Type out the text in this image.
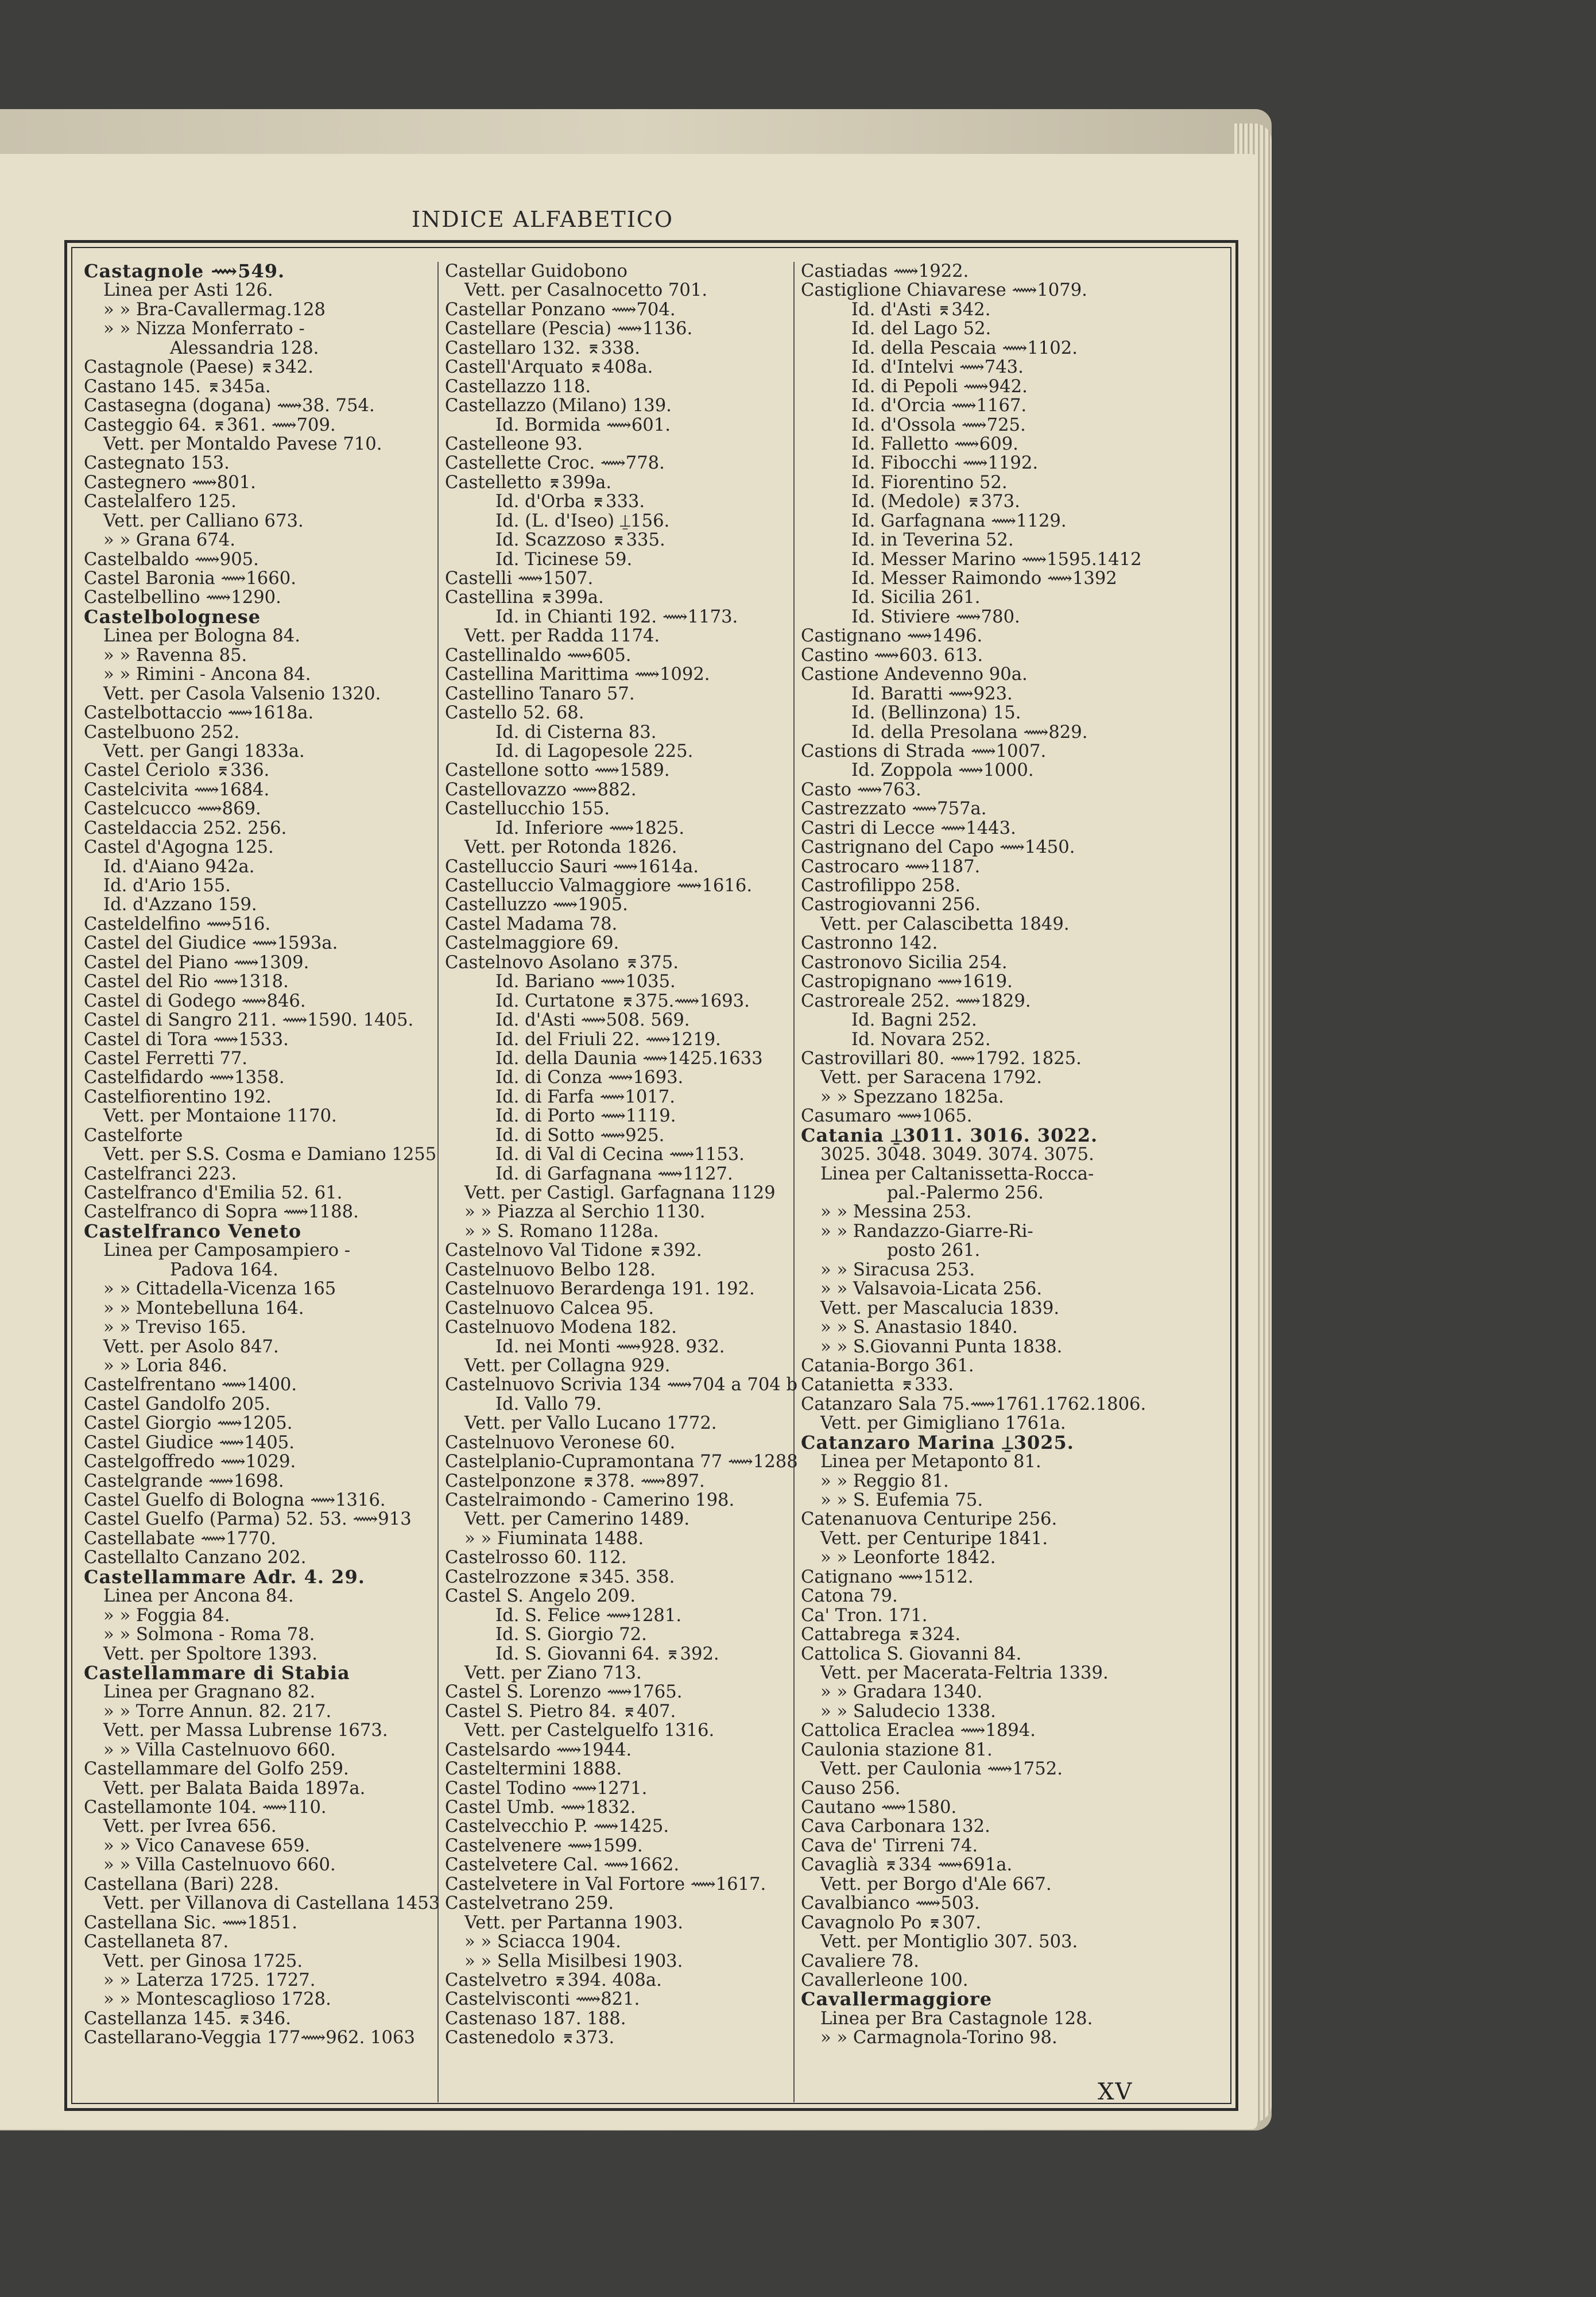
INDICE ALFABETICO
Castagnole ⟿549.
Linea per Asti 126.
» » Bra-Cavallermag.128
» » Nizza Monferrato -
Alessandria 128.
Castagnole (Paese) ⌆342.
Castano 145. ⌆345a.
Castasegna (dogana) ⟿38. 754.
Casteggio 64. ⌆361. ⟿709.
Vett. per Montaldo Pavese 710.
Castegnato 153.
Castegnero ⟿801.
Castelalfero 125.
Vett. per Calliano 673.
» » Grana 674.
Castelbaldo ⟿905.
Castel Baronia ⟿1660.
Castelbellino ⟿1290.
Castelbolognese
Linea per Bologna 84.
» » Ravenna 85.
» » Rimini - Ancona 84.
Vett. per Casola Valsenio 1320.
Castelbottaccio ⟿1618a.
Castelbuono 252.
Vett. per Gangi 1833a.
Castel Ceriolo ⌆336.
Castelcivita ⟿1684.
Castelcucco ⟿869.
Casteldaccia 252. 256.
Castel d'Agogna 125.
Id. d'Aiano 942a.
Id. d'Ario 155.
Id. d'Azzano 159.
Casteldelfino ⟿516.
Castel del Giudice ⟿1593a.
Castel del Piano ⟿1309.
Castel del Rio ⟿1318.
Castel di Godego ⟿846.
Castel di Sangro 211. ⟿1590. 1405.
Castel di Tora ⟿1533.
Castel Ferretti 77.
Castelfidardo ⟿1358.
Castelfiorentino 192.
Vett. per Montaione 1170.
Castelforte
Vett. per S.S. Cosma e Damiano 1255
Castelfranci 223.
Castelfranco d'Emilia 52. 61.
Castelfranco di Sopra ⟿1188.
Castelfranco Veneto
Linea per Camposampiero -
Padova 164.
» » Cittadella-Vicenza 165
» » Montebelluna 164.
» » Treviso 165.
Vett. per Asolo 847.
» » Loria 846.
Castelfrentano ⟿1400.
Castel Gandolfo 205.
Castel Giorgio ⟿1205.
Castel Giudice ⟿1405.
Castelgoffredo ⟿1029.
Castelgrande ⟿1698.
Castel Guelfo di Bologna ⟿1316.
Castel Guelfo (Parma) 52. 53. ⟿913
Castellabate ⟿1770.
Castellalto Canzano 202.
Castellammare Adr. 4. 29.
Linea per Ancona 84.
» » Foggia 84.
» » Solmona - Roma 78.
Vett. per Spoltore 1393.
Castellammare di Stabia
Linea per Gragnano 82.
» » Torre Annun. 82. 217.
Vett. per Massa Lubrense 1673.
» » Villa Castelnuovo 660.
Castellammare del Golfo 259.
Vett. per Balata Baida 1897a.
Castellamonte 104. ⟿110.
Vett. per Ivrea 656.
» » Vico Canavese 659.
» » Villa Castelnuovo 660.
Castellana (Bari) 228.
Vett. per Villanova di Castellana 1453
Castellana Sic. ⟿1851.
Castellaneta 87.
Vett. per Ginosa 1725.
» » Laterza 1725. 1727.
» » Montescaglioso 1728.
Castellanza 145. ⌆346.
Castellarano-Veggia 177⟿962. 1063
Castellar Guidobono
Vett. per Casalnocetto 701.
Castellar Ponzano ⟿704.
Castellare (Pescia) ⟿1136.
Castellaro 132. ⌆338.
Castell'Arquato ⌆408a.
Castellazzo 118.
Castellazzo (Milano) 139.
Id. Bormida ⟿601.
Castelleone 93.
Castellette Croc. ⟿778.
Castelletto ⌆399a.
Id. d'Orba ⌆333.
Id. (L. d'Iseo) ⍊156.
Id. Scazzoso ⌆335.
Id. Ticinese 59.
Castelli ⟿1507.
Castellina ⌆399a.
Id. in Chianti 192. ⟿1173.
Vett. per Radda 1174.
Castellinaldo ⟿605.
Castellina Marittima ⟿1092.
Castellino Tanaro 57.
Castello 52. 68.
Id. di Cisterna 83.
Id. di Lagopesole 225.
Castellone sotto ⟿1589.
Castellovazzo ⟿882.
Castellucchio 155.
Id. Inferiore ⟿1825.
Vett. per Rotonda 1826.
Castelluccio Sauri ⟿1614a.
Castelluccio Valmaggiore ⟿1616.
Castelluzzo ⟿1905.
Castel Madama 78.
Castelmaggiore 69.
Castelnovo Asolano ⌆375.
Id. Bariano ⟿1035.
Id. Curtatone ⌆375.⟿1693.
Id. d'Asti ⟿508. 569.
Id. del Friuli 22. ⟿1219.
Id. della Daunia ⟿1425.1633
Id. di Conza ⟿1693.
Id. di Farfa ⟿1017.
Id. di Porto ⟿1119.
Id. di Sotto ⟿925.
Id. di Val di Cecina ⟿1153.
Id. di Garfagnana ⟿1127.
Vett. per Castigl. Garfagnana 1129
» » Piazza al Serchio 1130.
» » S. Romano 1128a.
Castelnovo Val Tidone ⌆392.
Castelnuovo Belbo 128.
Castelnuovo Berardenga 191. 192.
Castelnuovo Calcea 95.
Castelnuovo Modena 182.
Id. nei Monti ⟿928. 932.
Vett. per Collagna 929.
Castelnuovo Scrivia 134 ⟿704 a 704 b
Id. Vallo 79.
Vett. per Vallo Lucano 1772.
Castelnuovo Veronese 60.
Castelplanio-Cupramontana 77 ⟿1288
Castelponzone ⌆378. ⟿897.
Castelraimondo - Camerino 198.
Vett. per Camerino 1489.
» » Fiuminata 1488.
Castelrosso 60. 112.
Castelrozzone ⌆345. 358.
Castel S. Angelo 209.
Id. S. Felice ⟿1281.
Id. S. Giorgio 72.
Id. S. Giovanni 64. ⌆392.
Vett. per Ziano 713.
Castel S. Lorenzo ⟿1765.
Castel S. Pietro 84. ⌆407.
Vett. per Castelguelfo 1316.
Castelsardo ⟿1944.
Casteltermini 1888.
Castel Todino ⟿1271.
Castel Umb. ⟿1832.
Castelvecchio P. ⟿1425.
Castelvenere ⟿1599.
Castelvetere Cal. ⟿1662.
Castelvetere in Val Fortore ⟿1617.
Castelvetrano 259.
Vett. per Partanna 1903.
» » Sciacca 1904.
» » Sella Misilbesi 1903.
Castelvetro ⌆394. 408a.
Castelvisconti ⟿821.
Castenaso 187. 188.
Castenedolo ⌆373.
Castiadas ⟿1922.
Castiglione Chiavarese ⟿1079.
Id. d'Asti ⌆342.
Id. del Lago 52.
Id. della Pescaia ⟿1102.
Id. d'Intelvi ⟿743.
Id. di Pepoli ⟿942.
Id. d'Orcia ⟿1167.
Id. d'Ossola ⟿725.
Id. Falletto ⟿609.
Id. Fibocchi ⟿1192.
Id. Fiorentino 52.
Id. (Medole) ⌆373.
Id. Garfagnana ⟿1129.
Id. in Teverina 52.
Id. Messer Marino ⟿1595.1412
Id. Messer Raimondo ⟿1392
Id. Sicilia 261.
Id. Stiviere ⟿780.
Castignano ⟿1496.
Castino ⟿603. 613.
Castione Andevenno 90a.
Id. Baratti ⟿923.
Id. (Bellinzona) 15.
Id. della Presolana ⟿829.
Castions di Strada ⟿1007.
Id. Zoppola ⟿1000.
Casto ⟿763.
Castrezzato ⟿757a.
Castri di Lecce ⟿1443.
Castrignano del Capo ⟿1450.
Castrocaro ⟿1187.
Castrofilippo 258.
Castrogiovanni 256.
Vett. per Calascibetta 1849.
Castronno 142.
Castronovo Sicilia 254.
Castropignano ⟿1619.
Castroreale 252. ⟿1829.
Id. Bagni 252.
Id. Novara 252.
Castrovillari 80. ⟿1792. 1825.
Vett. per Saracena 1792.
» » Spezzano 1825a.
Casumaro ⟿1065.
Catania ⍊3011. 3016. 3022.
3025. 3048. 3049. 3074. 3075.
Linea per Caltanissetta-Rocca-
pal.-Palermo 256.
» » Messina 253.
» » Randazzo-Giarre-Ri-
posto 261.
» » Siracusa 253.
» » Valsavoia-Licata 256.
Vett. per Mascalucia 1839.
» » S. Anastasio 1840.
» » S.Giovanni Punta 1838.
Catania-Borgo 361.
Catanietta ⌆333.
Catanzaro Sala 75.⟿1761.1762.1806.
Vett. per Gimigliano 1761a.
Catanzaro Marina ⍊3025.
Linea per Metaponto 81.
» » Reggio 81.
» » S. Eufemia 75.
Catenanuova Centuripe 256.
Vett. per Centuripe 1841.
» » Leonforte 1842.
Catignano ⟿1512.
Catona 79.
Ca' Tron. 171.
Cattabrega ⌆324.
Cattolica S. Giovanni 84.
Vett. per Macerata-Feltria 1339.
» » Gradara 1340.
» » Saludecio 1338.
Cattolica Eraclea ⟿1894.
Caulonia stazione 81.
Vett. per Caulonia ⟿1752.
Causo 256.
Cautano ⟿1580.
Cava Carbonara 132.
Cava de' Tirreni 74.
Cavaglià ⌆334 ⟿691a.
Vett. per Borgo d'Ale 667.
Cavalbianco ⟿503.
Cavagnolo Po ⌆307.
Vett. per Montiglio 307. 503.
Cavaliere 78.
Cavallerleone 100.
Cavallermaggiore
Linea per Bra Castagnole 128.
» » Carmagnola-Torino 98.
XV
